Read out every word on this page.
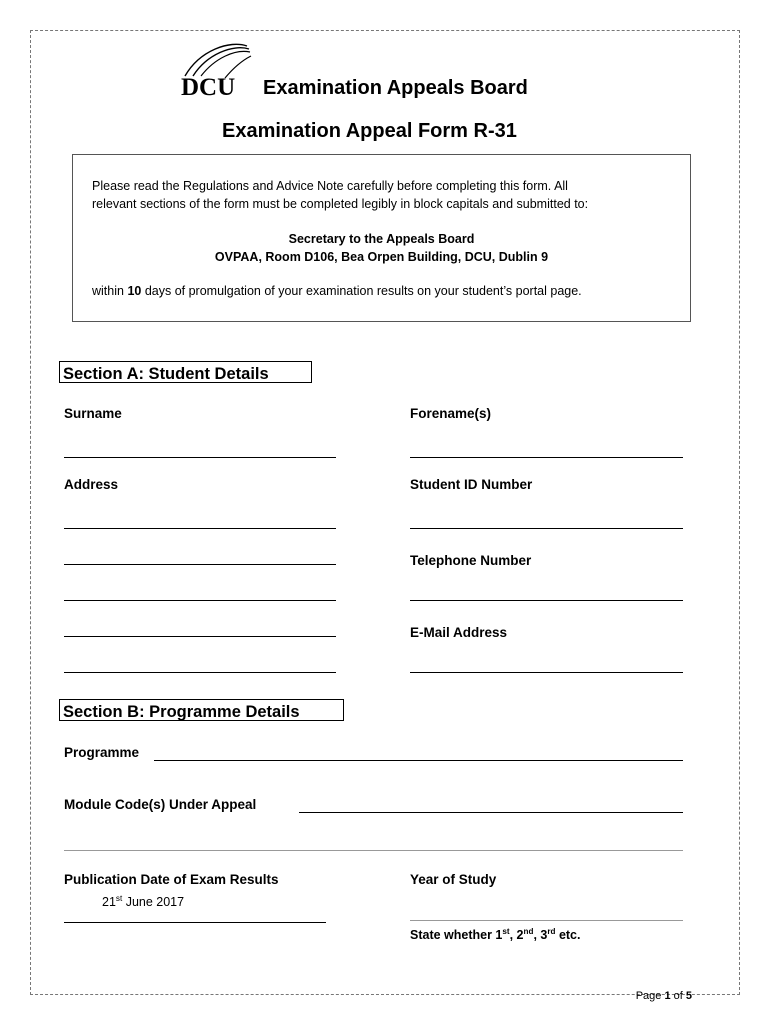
DCU Examination Appeals Board
Examination Appeal Form R-31
Please read the Regulations and Advice Note carefully before completing this form. All
relevant sections of the form must be completed legibly in block capitals and submitted to:
Secretary to the Appeals Board
OVPAA, Room D106, Bea Orpen Building, DCU, Dublin 9
within 10 days of promulgation of your examination results on your student’s portal page.
Section A: Student Details
Surname	Forename(s)
Address	Student ID Number
Telephone Number
E-Mail Address
Section B: Programme Details
Programme
Module Code(s) Under Appeal
Publication Date of Exam Results
21st June 2017
Year of Study
State whether 1st, 2nd, 3rd etc.
Page 1 of 5
